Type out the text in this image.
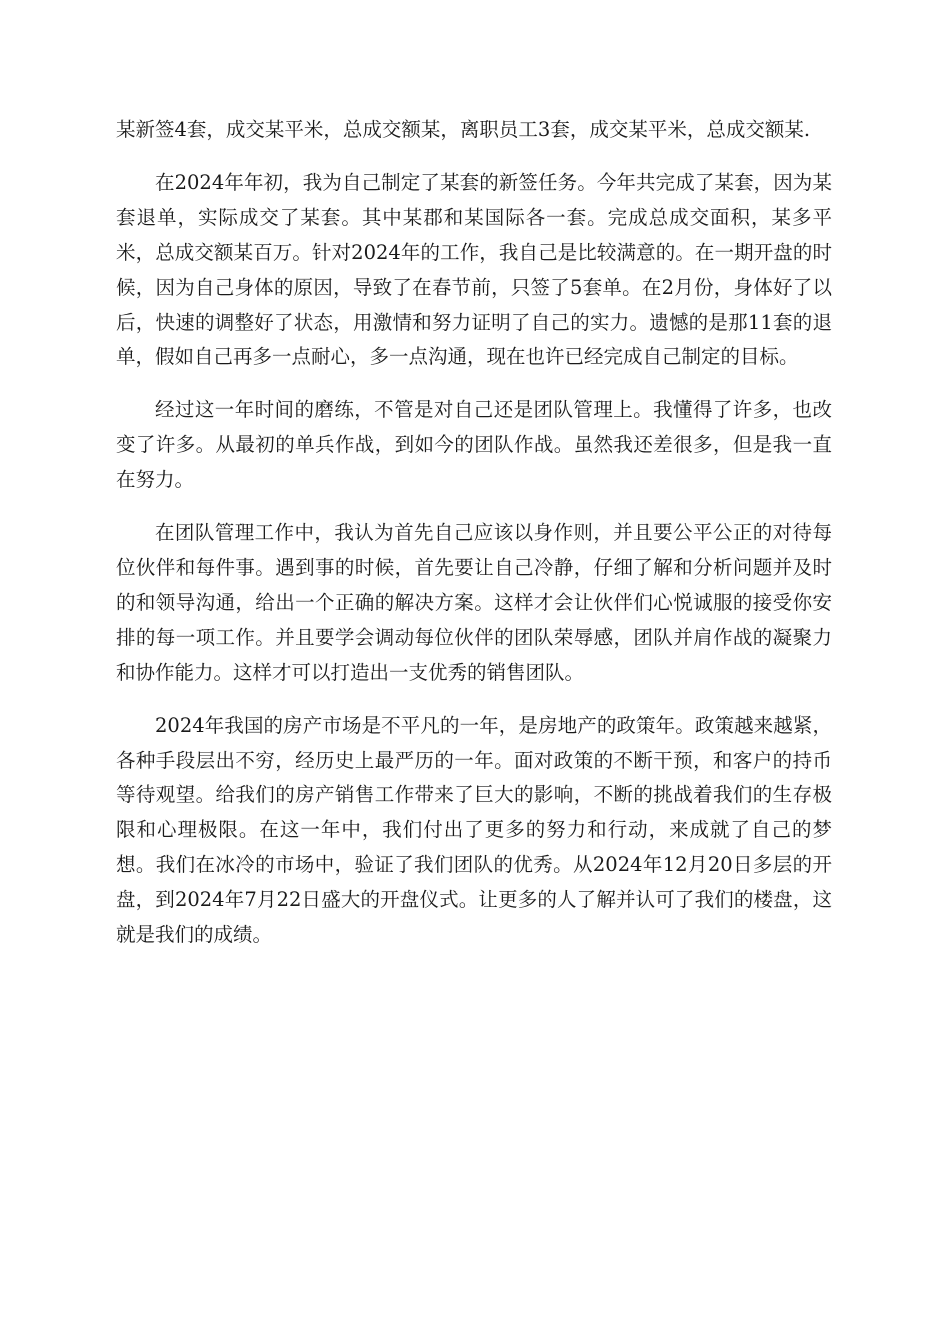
某新签4套，成交某平米，总成交额某，离职员工3套，成交某平米，总成交额某.

在2024年年初，我为自己制定了某套的新签任务。今年共完成了某套，因为某套退单，实际成交了某套。其中某郡和某国际各一套。完成总成交面积，某多平米，总成交额某百万。针对2024年的工作，我自己是比较满意的。在一期开盘的时候，因为自己身体的原因，导致了在春节前，只签了5套单。在2月份，身体好了以后，快速的调整好了状态，用激情和努力证明了自己的实力。遗憾的是那11套的退单，假如自己再多一点耐心，多一点沟通，现在也许已经完成自己制定的目标。

经过这一年时间的磨练，不管是对自己还是团队管理上。我懂得了许多，也改变了许多。从最初的单兵作战，到如今的团队作战。虽然我还差很多，但是我一直在努力。

在团队管理工作中，我认为首先自己应该以身作则，并且要公平公正的对待每位伙伴和每件事。遇到事的时候，首先要让自己冷静，仔细了解和分析问题并及时的和领导沟通，给出一个正确的解决方案。这样才会让伙伴们心悦诚服的接受你安排的每一项工作。并且要学会调动每位伙伴的团队荣辱感，团队并肩作战的凝聚力和协作能力。这样才可以打造出一支优秀的销售团队。

2024年我国的房产市场是不平凡的一年，是房地产的政策年。政策越来越紧，各种手段层出不穷，经历史上最严历的一年。面对政策的不断干预，和客户的持币等待观望。给我们的房产销售工作带来了巨大的影响，不断的挑战着我们的生存极限和心理极限。在这一年中，我们付出了更多的努力和行动，来成就了自己的梦想。我们在冰冷的市场中，验证了我们团队的优秀。从2024年12月20日多层的开盘，到2024年7月22日盛大的开盘仪式。让更多的人了解并认可了我们的楼盘，这就是我们的成绩。
